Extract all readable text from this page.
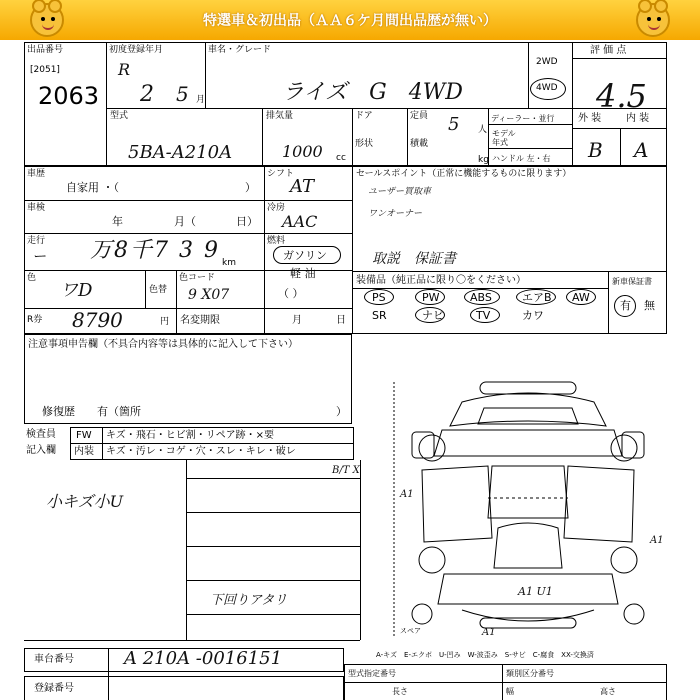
特選車＆初出品（ＡＡ６ケ月間出品歴が無い）
出品番号
[2051]
2063
初度登録年月
R
2 5 月
車名・グレード
ライズ　G　4WD
2WD
4WD
評 価 点
4.5
型式
5BA-A210A
排気量
1000 cc
ドア
形状
定員 5 人
積載
kg
ディーラー・並行
モデル
年式
ハンドル 左・右
外 装 内 装
B A
車歴
自家用 ・（	）
シフト
AT
セールスポイント（正常に機能するものに限ります）
ユーザー買取車
ワンオーナー
取説　保証書
車検
年	月（	日）
冷房
AAC
走行
ー 万8千7 3 9 km
燃料
ガソリン
軽 油
（ ）
色
ワD	色替
色コード
9 X07
R券 8790	円 名変期限	月	日
装備品（純正品に限り〇をください）	新車保証書
PS	PW	ABS	エアB AW
SR	ナビ	TV	カワ
有 無
注意事項申告欄（不具合内容等は具体的に記入して下さい）
修復歴　　有（箇所	）
検査員
記入欄
FW キズ・飛石・ヒビ割・リペア跡・×要
内装 キズ・汚レ・コゲ・穴・スレ・キレ・破レ
小キズ小U
B/T X
下回りアタリ
A1
A1
A1 U1
A1
スペア
A-キズ　E-エクボ　U-凹み　W-波歪み　S-サビ　C-腐食　XX-交換済
車台番号	A 210A -0016151
登録番号
型式指定番号	類別区分番号
長さ	幅	高さ
